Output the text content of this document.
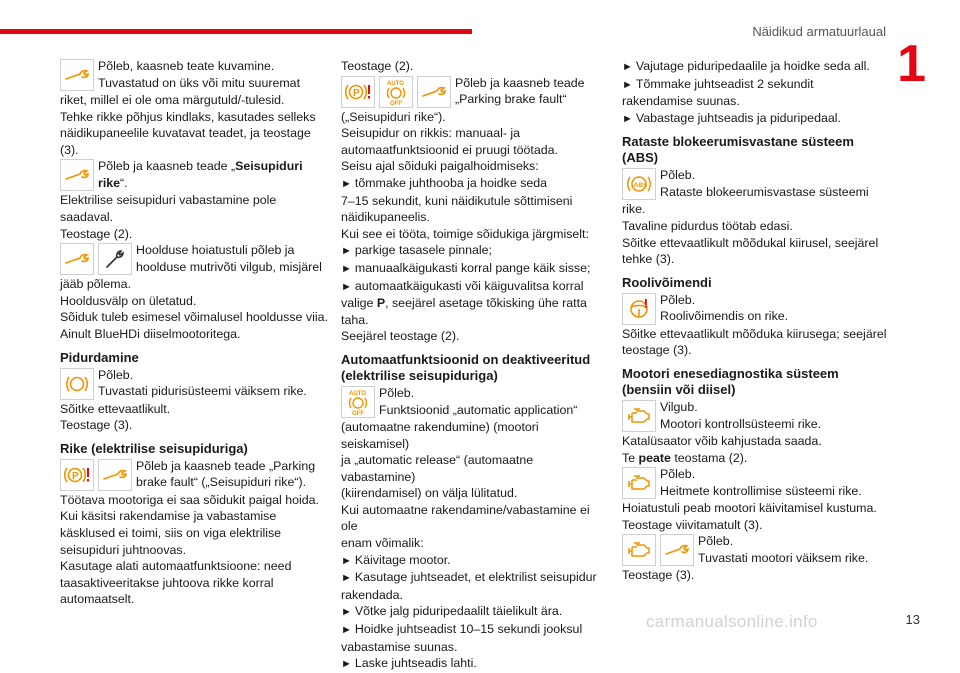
Näidikud armatuurlaual
1
Põleb, kaasneb teate kuvamine.
Tuvastatud on üks või mitu suuremat
riket, millel ei ole oma märgutuld/-tulesid.
Tehke rikke põhjus kindlaks, kasutades selleks
näidikupaneelile kuvatavat teadet, ja teostage
(3).
Põleb ja kaasneb teade „Seisupiduri
rike“.
Elektrilise seisupiduri vabastamine pole
saadaval.
Teostage (2).
Hoolduse hoiatustuli põleb ja
hoolduse mutrivõti vilgub, misjärel
jääb põlema.
Hooldusvälp on ületatud.
Sõiduk tuleb esimesel võimalusel hooldusse viia.
Ainult BlueHDi diiselmootoritega.
Pidurdamine
Põleb.
Tuvastati pidurisüsteemi väiksem rike.
Sõitke ettevaatlikult.
Teostage (3).
Rike (elektrilise seisupiduriga)
P
Põleb ja kaasneb teade „Parking
brake fault“ („Seisupiduri rike“).
Töötava mootoriga ei saa sõidukit paigal hoida.
Kui käsitsi rakendamise ja vabastamise
käsklused ei toimi, siis on viga elektrilise
seisupiduri juhtnoovas.
Kasutage alati automaatfunktsioone: need
taasaktiveeritakse juhtoova rikke korral
automaatselt.
Teostage (2).
P
AUTO
OFF
Põleb ja kaasneb teade
„Parking brake fault“
(„Seisupiduri rike“).
Seisupidur on rikkis: manuaal- ja
automaatfunktsioonid ei pruugi töötada.
Seisu ajal sõiduki paigalhoidmiseks:
► tõmmake juhthooba ja hoidke seda
7–15 sekundit, kuni näidikutule sõttimiseni
näidikupaneelis.
Kui see ei tööta, toimige sõidukiga järgmiselt:
► parkige tasasele pinnale;
► manuaalkäigukasti korral pange käik sisse;
► automaatkäigukasti või käiguvalitsa korral
valige P, seejärel asetage tõkisking ühe ratta
taha.
Seejärel teostage (2).
Automaatfunktsioonid on deaktiveeritud (elektrilise seisupiduriga)
AUTO
OFF
Põleb.
Funktsioonid „automatic application“
(automaatne rakendumine) (mootori seiskamisel)
ja „automatic release“ (automaatne vabastamine)
(kiirendamisel) on välja lülitatud.
Kui automaatne rakendamine/vabastamine ei ole
enam võimalik:
► Käivitage mootor.
► Kasutage juhtseadet, et elektrilist seisupidur
rakendada.
► Võtke jalg piduripedaalilt täielikult ära.
► Hoidke juhtseadist 10–15 sekundi jooksul
vabastamise suunas.
► Laske juhtseadis lahti.
► Vajutage piduripedaalile ja hoidke seda all.
► Tõmmake juhtseadist 2 sekundit
rakendamise suunas.
► Vabastage juhtseadis ja piduripedaal.
Rataste blokeerumisvastane süsteem (ABS)
ABS
Põleb.
Rataste blokeerumisvastase süsteemi
rike.
Tavaline pidurdus töötab edasi.
Sõitke ettevaatlikult mõõdukal kiirusel, seejärel
tehke (3).
Roolivõimendi
Põleb.
Roolivõimendis on rike.
Sõitke ettevaatlikult mõõduka kiirusega; seejärel
teostage (3).
Mootori enesediagnostika süsteem (bensiin või diisel)
Vilgub.
Mootori kontrollsüsteemi rike.
Katalüsaator võib kahjustada saada.
Te peate teostama (2).
Põleb.
Heitmete kontrollimise süsteemi rike.
Hoiatustuli peab mootori käivitamisel kustuma.
Teostage viivitamatult (3).
Põleb.
Tuvastati mootori väiksem rike.
Teostage (3).
carmanualsonline.info	13
